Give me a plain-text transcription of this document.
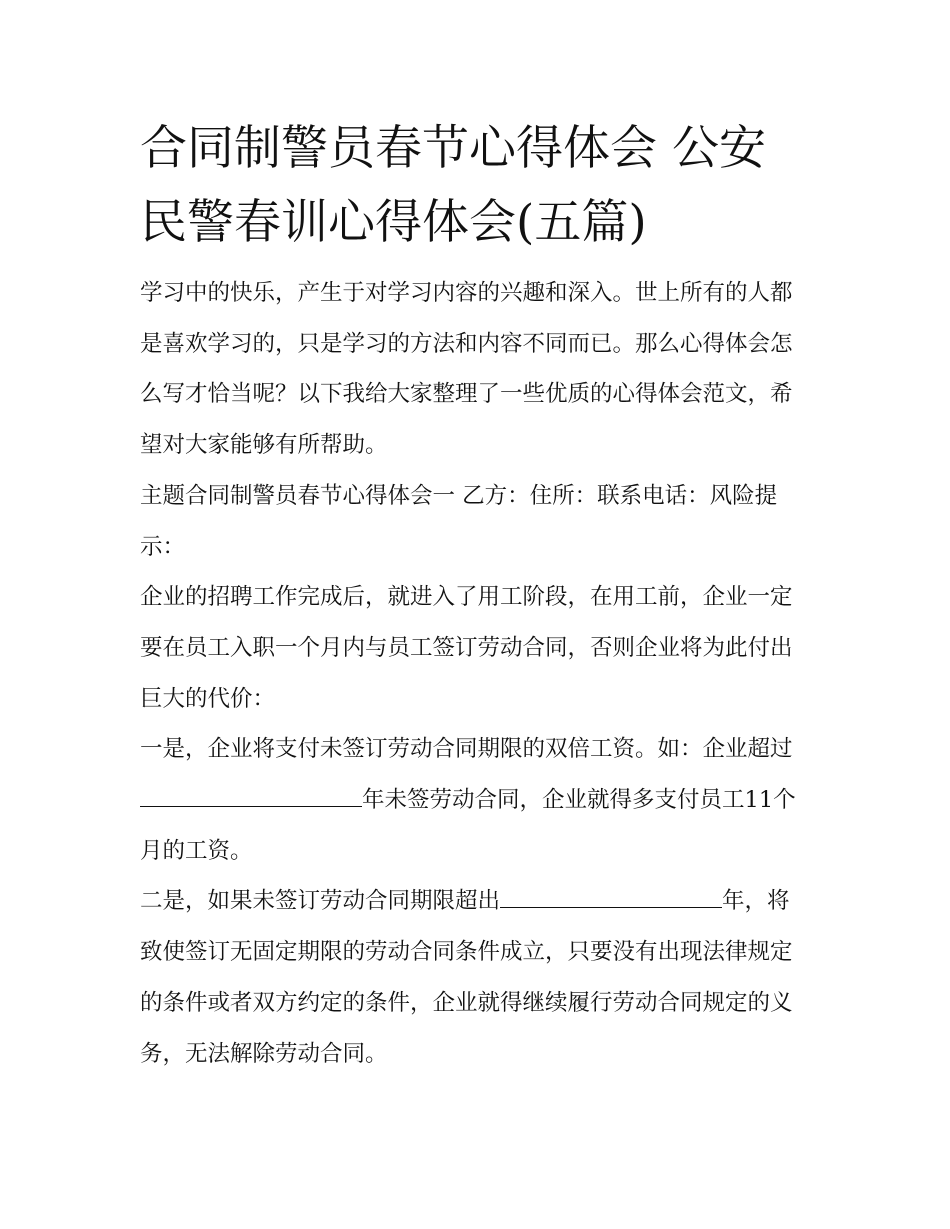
合同制警员春节心得体会 公安民警春训心得体会(五篇)

学习中的快乐，产生于对学习内容的兴趣和深入。世上所有的人都是喜欢学习的，只是学习的方法和内容不同而已。那么心得体会怎么写才恰当呢？以下我给大家整理了一些优质的心得体会范文，希望对大家能够有所帮助。

主题合同制警员春节心得体会一 乙方：住所：联系电话：风险提示：

企业的招聘工作完成后，就进入了用工阶段，在用工前，企业一定要在员工入职一个月内与员工签订劳动合同，否则企业将为此付出巨大的代价：

一是，企业将支付未签订劳动合同期限的双倍工资。如：企业超过年未签劳动合同，企业就得多支付员工11个月的工资。

二是，如果未签订劳动合同期限超出	年，将致使签订无固定期限的劳动合同条件成立，只要没有出现法律规定的条件或者双方约定的条件，企业就得继续履行劳动合同规定的义务，无法解除劳动合同。
